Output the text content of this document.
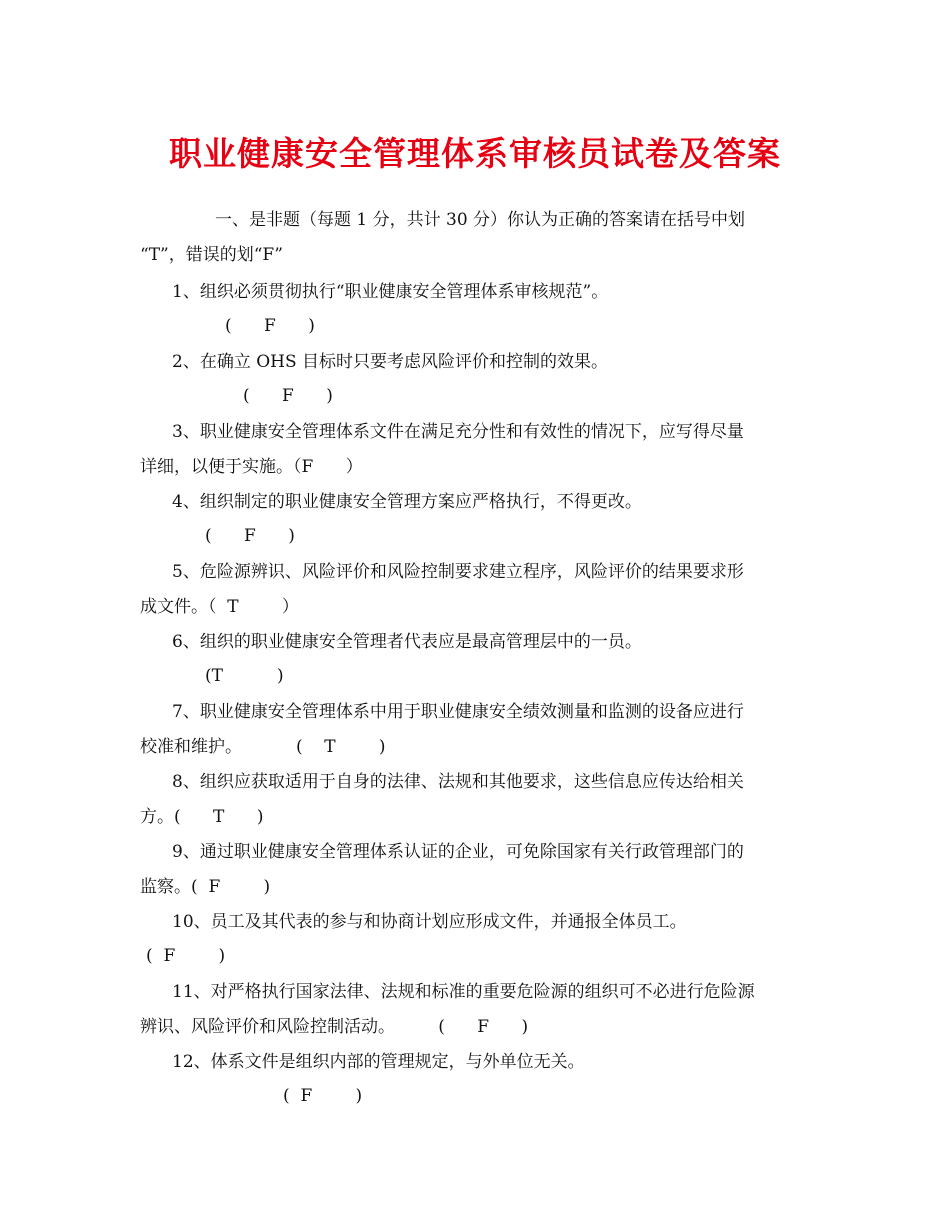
职业健康安全管理体系审核员试卷及答案
一、是非题（每题 1 分，共计 30 分）你认为正确的答案请在括号中划
“T”，错误的划“F”
1、组织必须贯彻执行“职业健康安全管理体系审核规范”。
(      F      )
2、在确立 OHS 目标时只要考虑风险评价和控制的效果。
(      F      )
3、职业健康安全管理体系文件在满足充分性和有效性的情况下，应写得尽量
详细，以便于实施。（F      ）
4、组织制定的职业健康安全管理方案应严格执行，不得更改。
(      F      )
5、危险源辨识、风险评价和风险控制要求建立程序，风险评价的结果要求形
成文件。（  T        ）
6、组织的职业健康安全管理者代表应是最高管理层中的一员。
(T          )
7、职业健康安全管理体系中用于职业健康安全绩效测量和监测的设备应进行
校准和维护。          (    T        )
8、组织应获取适用于自身的法律、法规和其他要求，这些信息应传达给相关
方。(      T      )
9、通过职业健康安全管理体系认证的企业，可免除国家有关行政管理部门的
监察。(  F        )
10、员工及其代表的参与和协商计划应形成文件，并通报全体员工。
(  F        )
11、对严格执行国家法律、法规和标准的重要危险源的组织可不必进行危险源
辨识、风险评价和风险控制活动。        (      F      )
12、体系文件是组织内部的管理规定，与外单位无关。
(  F        )
